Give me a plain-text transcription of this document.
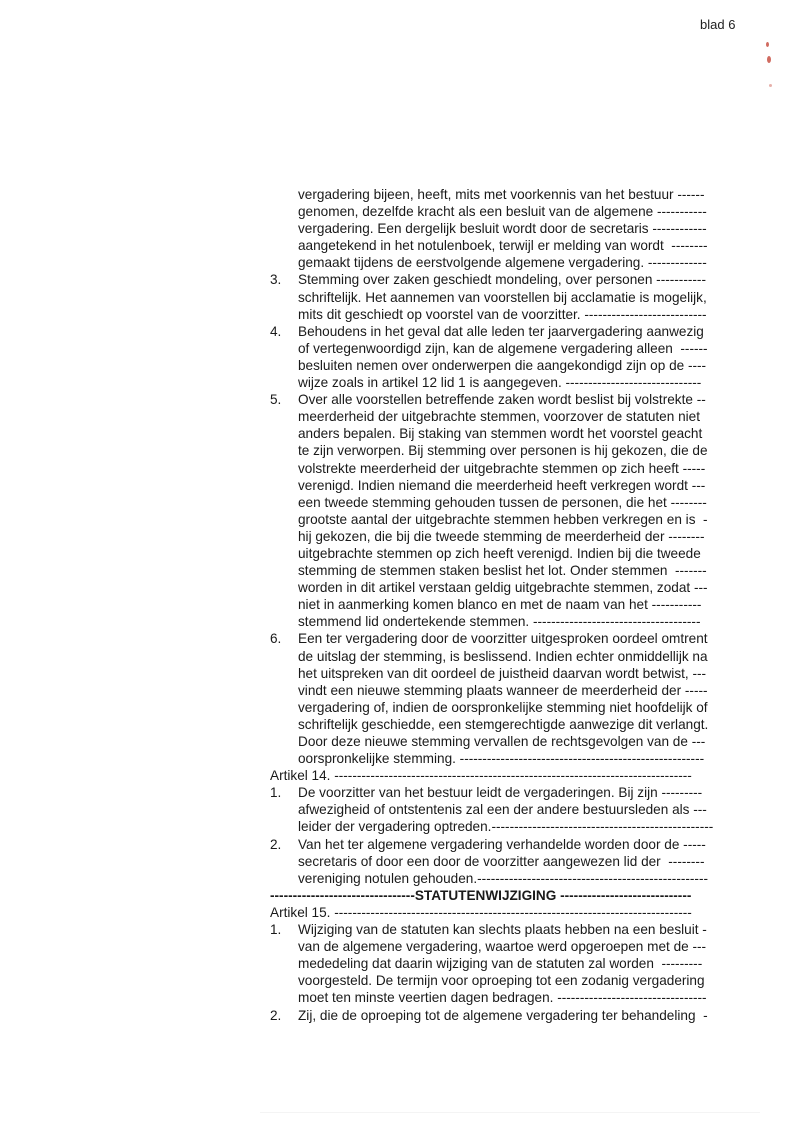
blad 6
vergadering bijeen, heeft, mits met voorkennis van het bestuur ------
genomen, dezelfde kracht als een besluit van de algemene -----------
vergadering. Een dergelijk besluit wordt door de secretaris ------------
aangetekend in het notulenboek, terwijl er melding van wordt  --------
gemaakt tijdens de eerstvolgende algemene vergadering. -------------
3.	Stemming over zaken geschiedt mondeling, over personen -----------
schriftelijk. Het aannemen van voorstellen bij acclamatie is mogelijk,
mits dit geschiedt op voorstel van de voorzitter. ---------------------------
4.	Behoudens in het geval dat alle leden ter jaarvergadering aanwezig
of vertegenwoordigd zijn, kan de algemene vergadering alleen  ------
besluiten nemen over onderwerpen die aangekondigd zijn op de ----
wijze zoals in artikel 12 lid 1 is aangegeven. ------------------------------
5.	Over alle voorstellen betreffende zaken wordt beslist bij volstrekte --
meerderheid der uitgebrachte stemmen, voorzover de statuten niet
anders bepalen. Bij staking van stemmen wordt het voorstel geacht
te zijn verworpen. Bij stemming over personen is hij gekozen, die de
volstrekte meerderheid der uitgebrachte stemmen op zich heeft -----
verenigd. Indien niemand die meerderheid heeft verkregen wordt ---
een tweede stemming gehouden tussen de personen, die het --------
grootste aantal der uitgebrachte stemmen hebben verkregen en is  -
hij gekozen, die bij die tweede stemming de meerderheid der --------
uitgebrachte stemmen op zich heeft verenigd. Indien bij die tweede
stemming de stemmen staken beslist het lot. Onder stemmen  -------
worden in dit artikel verstaan geldig uitgebrachte stemmen, zodat ---
niet in aanmerking komen blanco en met de naam van het -----------
stemmend lid ondertekende stemmen. -------------------------------------
6.	Een ter vergadering door de voorzitter uitgesproken oordeel omtrent
de uitslag der stemming, is beslissend. Indien echter onmiddellijk na
het uitspreken van dit oordeel de juistheid daarvan wordt betwist, ---
vindt een nieuwe stemming plaats wanneer de meerderheid der -----
vergadering of, indien de oorspronkelijke stemming niet hoofdelijk of
schriftelijk geschiedde, een stemgerechtigde aanwezige dit verlangt.
Door deze nieuwe stemming vervallen de rechtsgevolgen van de ---
oorspronkelijke stemming. ------------------------------------------------------
Artikel 14. -------------------------------------------------------------------------------
1.	De voorzitter van het bestuur leidt de vergaderingen. Bij zijn ---------
afwezigheid of ontstentenis zal een der andere bestuursleden als ---
leider der vergadering optreden.-------------------------------------------------
2.	Van het ter algemene vergadering verhandelde worden door de -----
secretaris of door een door de voorzitter aangewezen lid der  --------
vereniging notulen gehouden.---------------------------------------------------
--------------------------------STATUTENWIJZIGING -----------------------------
Artikel 15. -------------------------------------------------------------------------------
1.	Wijziging van de statuten kan slechts plaats hebben na een besluit -
van de algemene vergadering, waartoe werd opgeroepen met de ---
mededeling dat daarin wijziging van de statuten zal worden  ---------
voorgesteld. De termijn voor oproeping tot een zodanig vergadering
moet ten minste veertien dagen bedragen. ---------------------------------
2.	Zij, die de oproeping tot de algemene vergadering ter behandeling  -
